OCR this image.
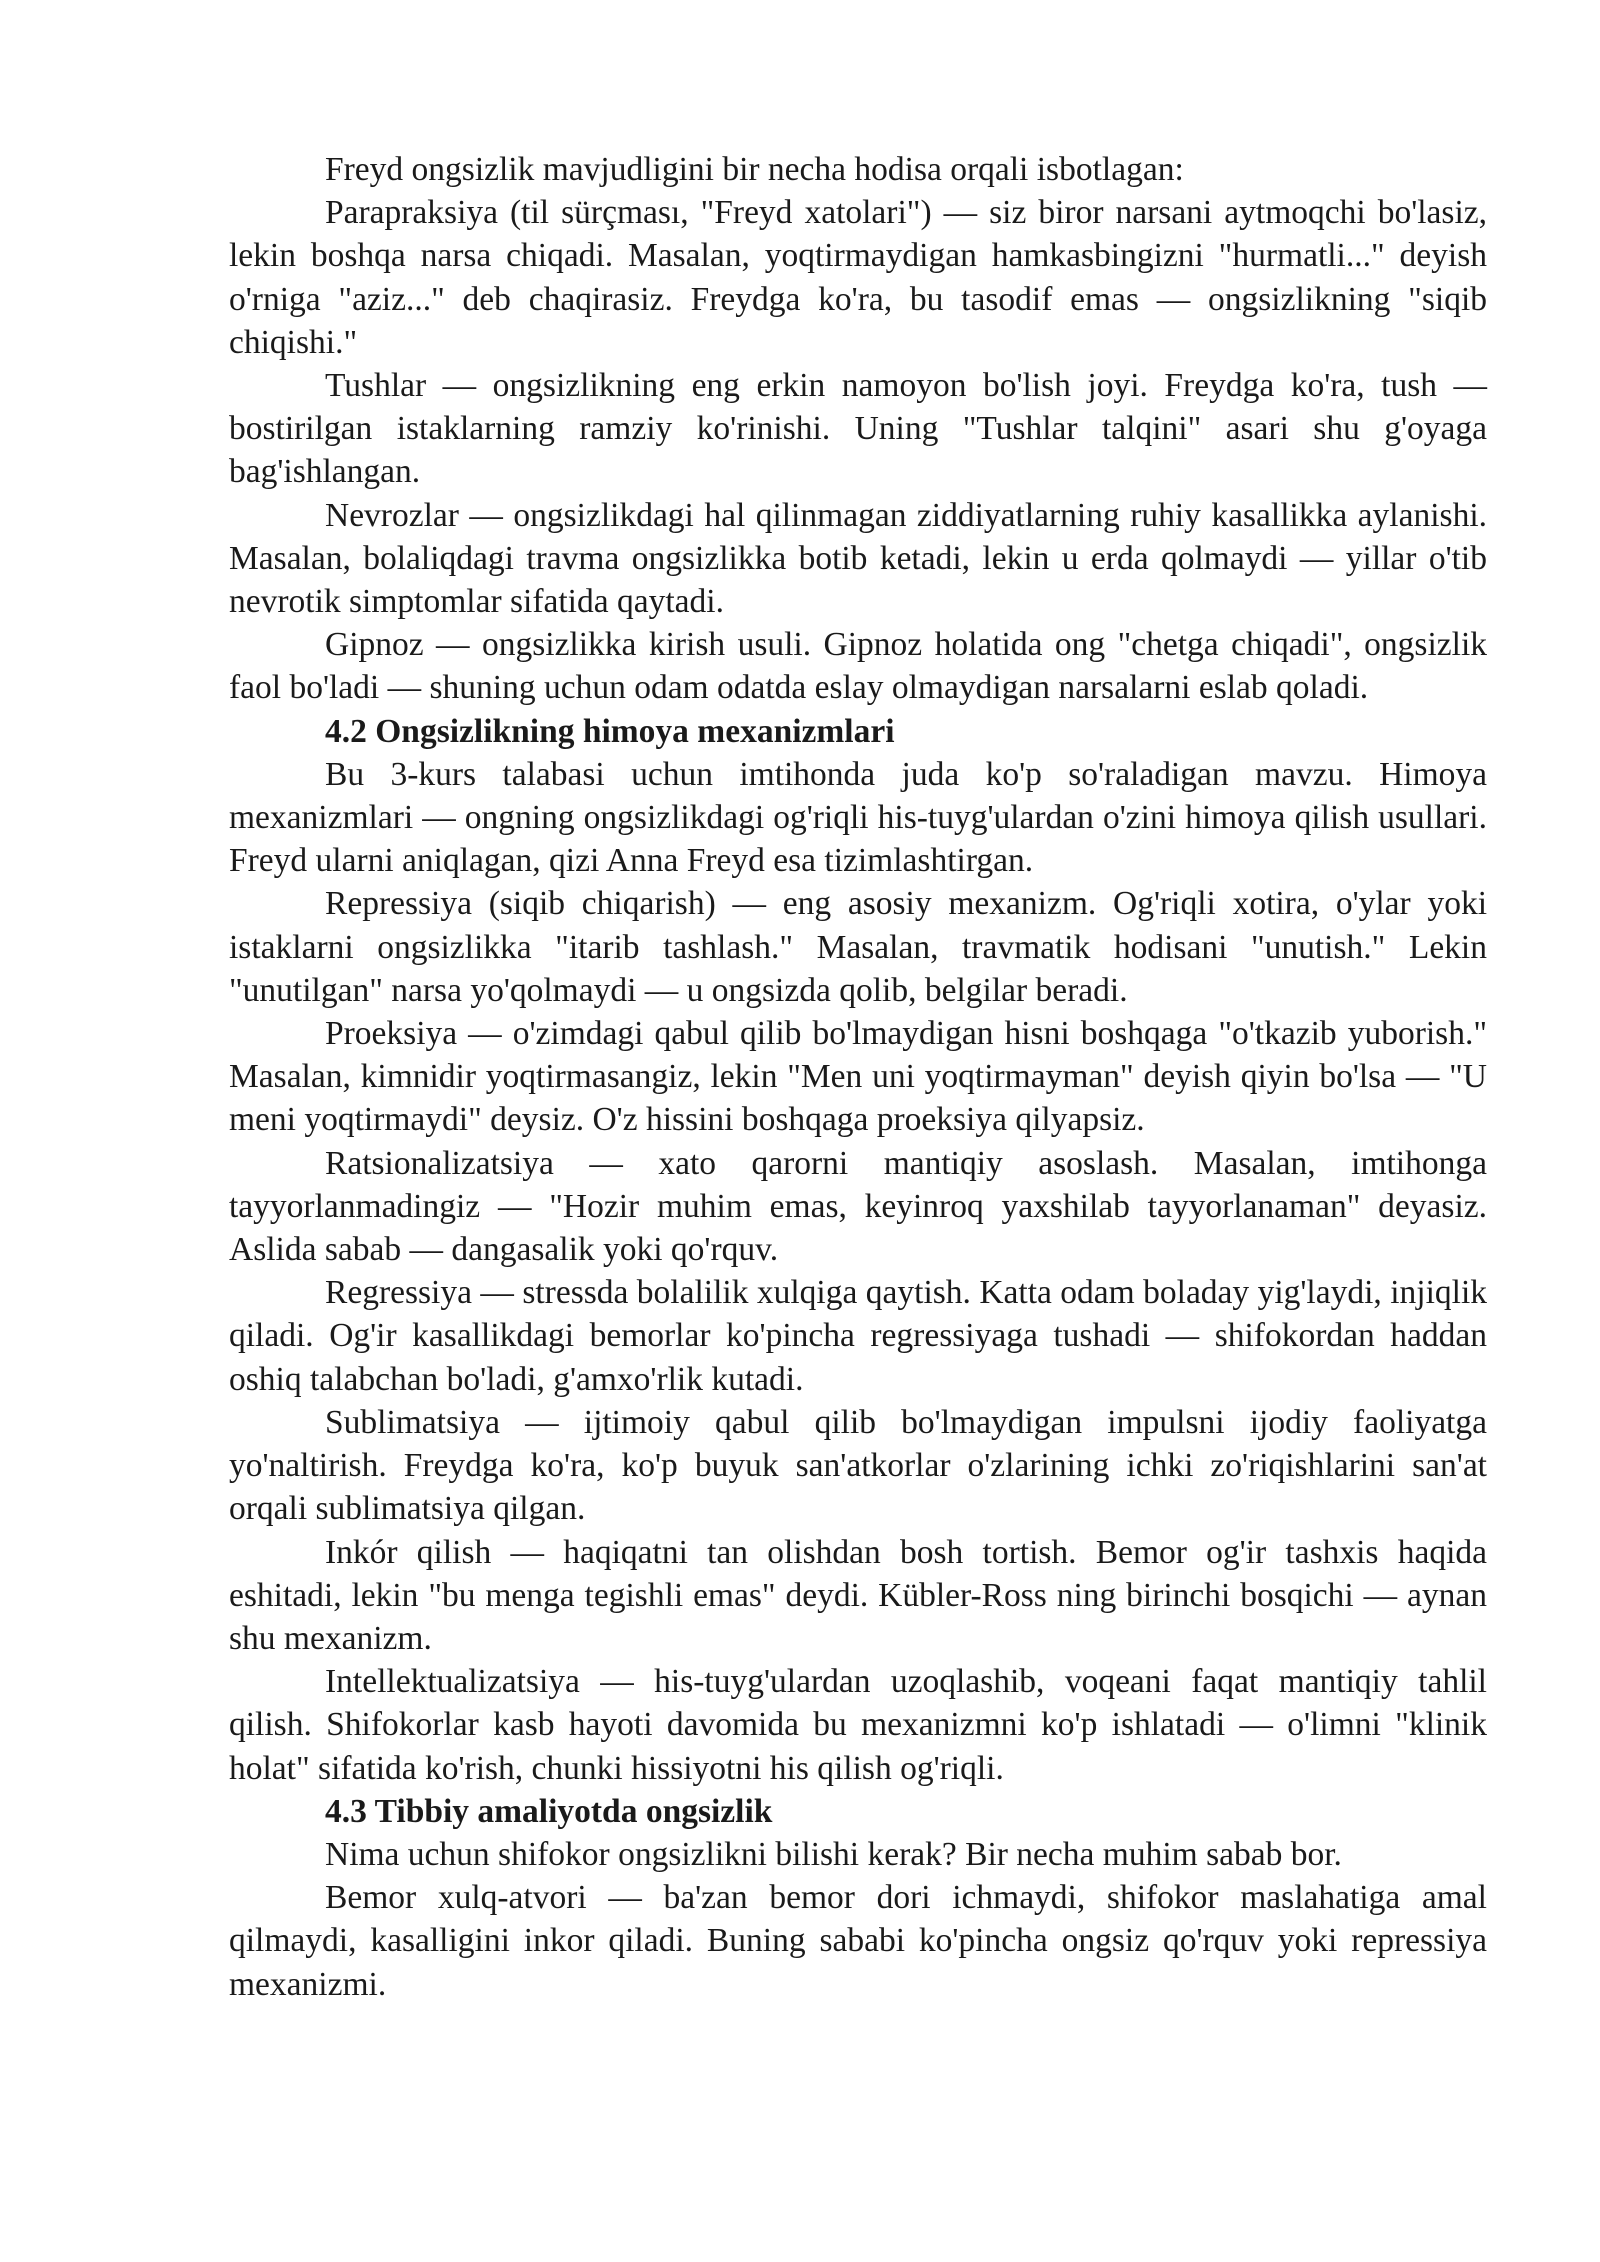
Freyd ongsizlik mavjudligini bir necha hodisa orqali isbotlagan:

Parapraksiya (til sürçması, "Freyd xatolari") — siz biror narsani aytmoqchi bo'lasiz, lekin boshqa narsa chiqadi. Masalan, yoqtirmaydigan hamkasbingizni "hurmatli..." deyish o'rniga "aziz..." deb chaqirasiz. Freydga ko'ra, bu tasodif emas — ongsizlikning "siqib chiqishi."

Tushlar — ongsizlikning eng erkin namoyon bo'lish joyi. Freydga ko'ra, tush — bostirilgan istaklarning ramziy ko'rinishi. Uning "Tushlar talqini" asari shu g'oyaga bag'ishlangan.

Nevrozlar — ongsizlikdagi hal qilinmagan ziddiyatlarning ruhiy kasallikka aylanishi. Masalan, bolaliqdagi travma ongsizlikka botib ketadi, lekin u erda qolmaydi — yillar o'tib nevrotik simptomlar sifatida qaytadi.

Gipnoz — ongsizlikka kirish usuli. Gipnoz holatida ong "chetga chiqadi", ongsizlik faol bo'ladi — shuning uchun odam odatda eslay olmaydigan narsalarni eslab qoladi.

4.2 Ongsizlikning himoya mexanizmlari

Bu 3-kurs talabasi uchun imtihonda juda ko'p so'raladigan mavzu. Himoya mexanizmlari — ongning ongsizlikdagi og'riqli his-tuyg'ulardan o'zini himoya qilish usullari. Freyd ularni aniqlagan, qizi Anna Freyd esa tizimlashtirgan.

Repressiya (siqib chiqarish) — eng asosiy mexanizm. Og'riqli xotira, o'ylar yoki istaklarni ongsizlikka "itarib tashlash." Masalan, travmatik hodisani "unutish." Lekin "unutilgan" narsa yo'qolmaydi — u ongsizda qolib, belgilar beradi.

Proeksiya — o'zimdagi qabul qilib bo'lmaydigan hisni boshqaga "o'tkazib yuborish." Masalan, kimnidir yoqtirmasangiz, lekin "Men uni yoqtirmayman" deyish qiyin bo'lsa — "U meni yoqtirmaydi" deysiz. O'z hissini boshqaga proeksiya qilyapsiz.

Ratsionalizatsiya — xato qarorni mantiqiy asoslash. Masalan, imtihonga tayyorlanmadingiz — "Hozir muhim emas, keyinroq yaxshilab tayyorlanaman" deyasiz. Aslida sabab — dangasalik yoki qo'rquv.

Regressiya — stressda bolalilik xulqiga qaytish. Katta odam boladay yig'laydi, injiqlik qiladi. Og'ir kasallikdagi bemorlar ko'pincha regressiyaga tushadi — shifokordan haddan oshiq talabchan bo'ladi, g'amxo'rlik kutadi.

Sublimatsiya — ijtimoiy qabul qilib bo'lmaydigan impulsni ijodiy faoliyatga yo'naltirish. Freydga ko'ra, ko'p buyuk san'atkorlar o'zlarining ichki zo'riqishlarini san'at orqali sublimatsiya qilgan.

Inkór qilish — haqiqatni tan olishdan bosh tortish. Bemor og'ir tashxis haqida eshitadi, lekin "bu menga tegishli emas" deydi. Kübler-Ross ning birinchi bosqichi — aynan shu mexanizm.

Intellektualizatsiya — his-tuyg'ulardan uzoqlashib, voqeani faqat mantiqiy tahlil qilish. Shifokorlar kasb hayoti davomida bu mexanizmni ko'p ishlatadi — o'limni "klinik holat" sifatida ko'rish, chunki hissiyotni his qilish og'riqli.

4.3 Tibbiy amaliyotda ongsizlik

Nima uchun shifokor ongsizlikni bilishi kerak? Bir necha muhim sabab bor.

Bemor xulq-atvori — ba'zan bemor dori ichmaydi, shifokor maslahatiga amal qilmaydi, kasalligini inkor qiladi. Buning sababi ko'pincha ongsiz qo'rquv yoki repressiya mexanizmi.
